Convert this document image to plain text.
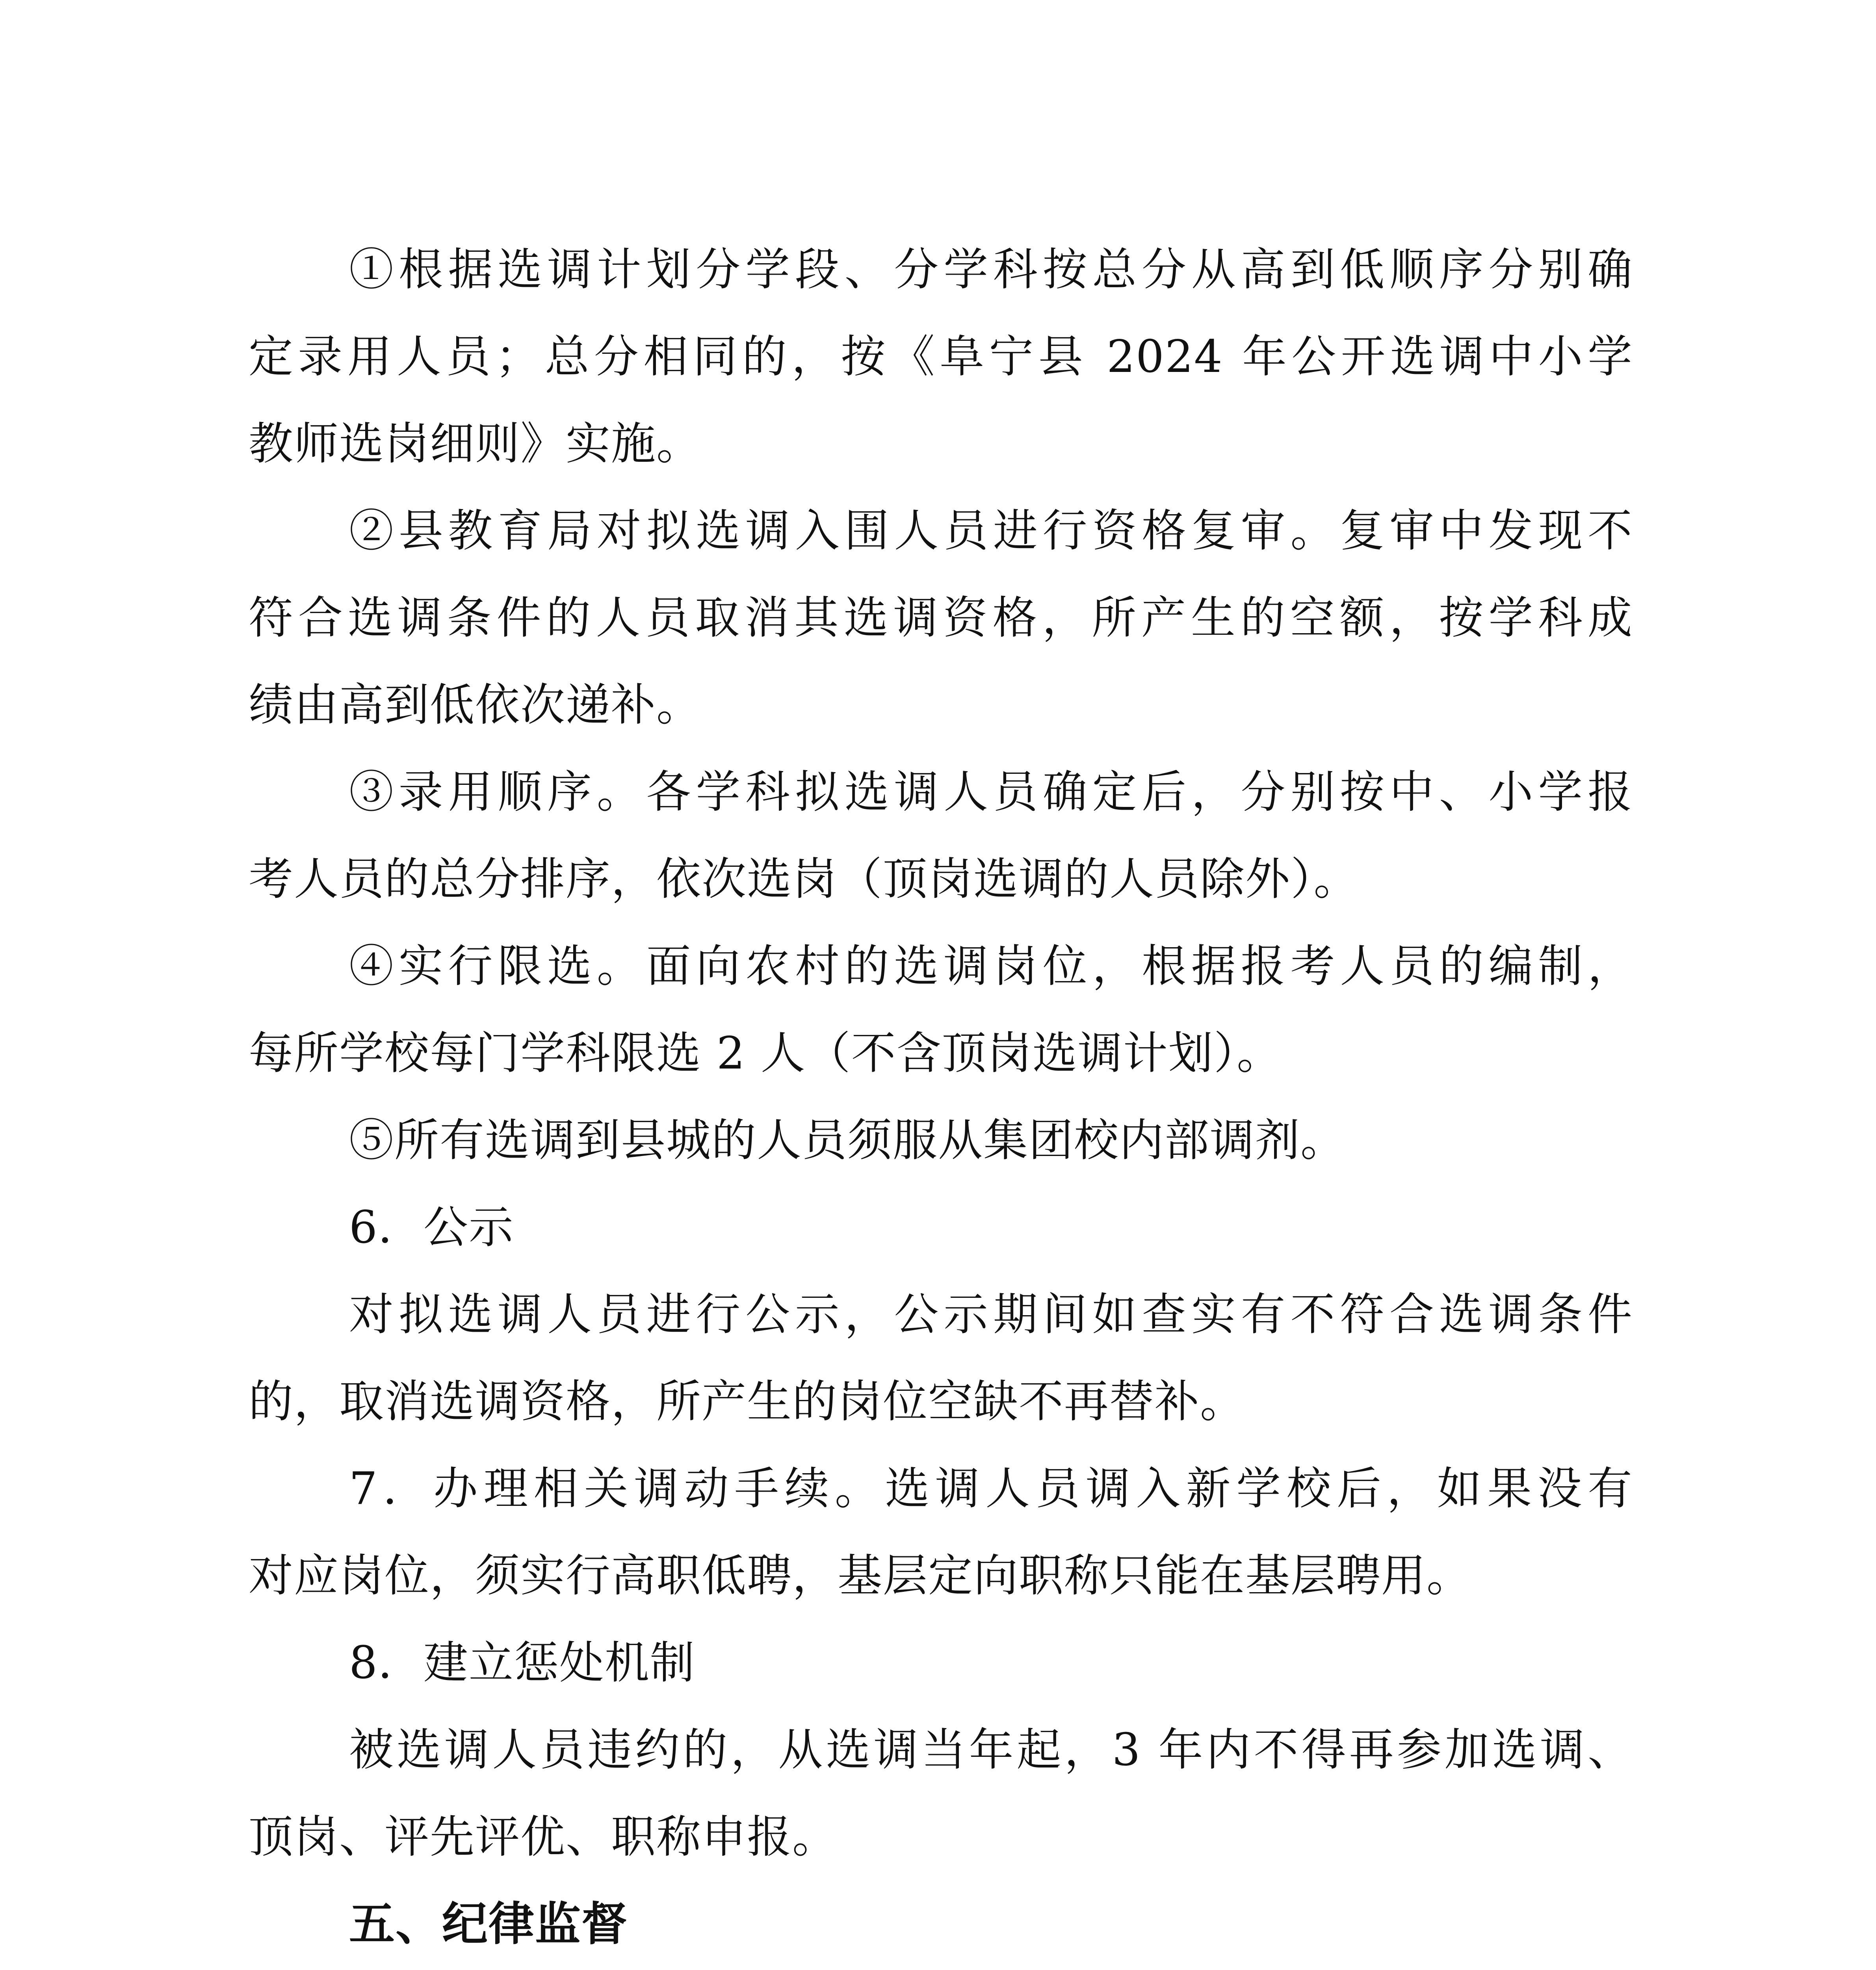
①根据选调计划分学段、分学科按总分从高到低顺序分别确

定录用人员；总分相同的，按《阜宁县 2024 年公开选调中小学

教师选岗细则》实施。

②县教育局对拟选调入围人员进行资格复审。复审中发现不

符合选调条件的人员取消其选调资格，所产生的空额，按学科成

绩由高到低依次递补。

③录用顺序。各学科拟选调人员确定后，分别按中、小学报

考人员的总分排序，依次选岗（顶岗选调的人员除外）。

④实行限选。面向农村的选调岗位，根据报考人员的编制，

每所学校每门学科限选 2 人（不含顶岗选调计划）。

⑤所有选调到县城的人员须服从集团校内部调剂。

6．公示

对拟选调人员进行公示，公示期间如查实有不符合选调条件

的，取消选调资格，所产生的岗位空缺不再替补。

7．办理相关调动手续。选调人员调入新学校后，如果没有

对应岗位，须实行高职低聘，基层定向职称只能在基层聘用。

8．建立惩处机制

被选调人员违约的，从选调当年起，3 年内不得再参加选调、

顶岗、评先评优、职称申报。

五、纪律监督
